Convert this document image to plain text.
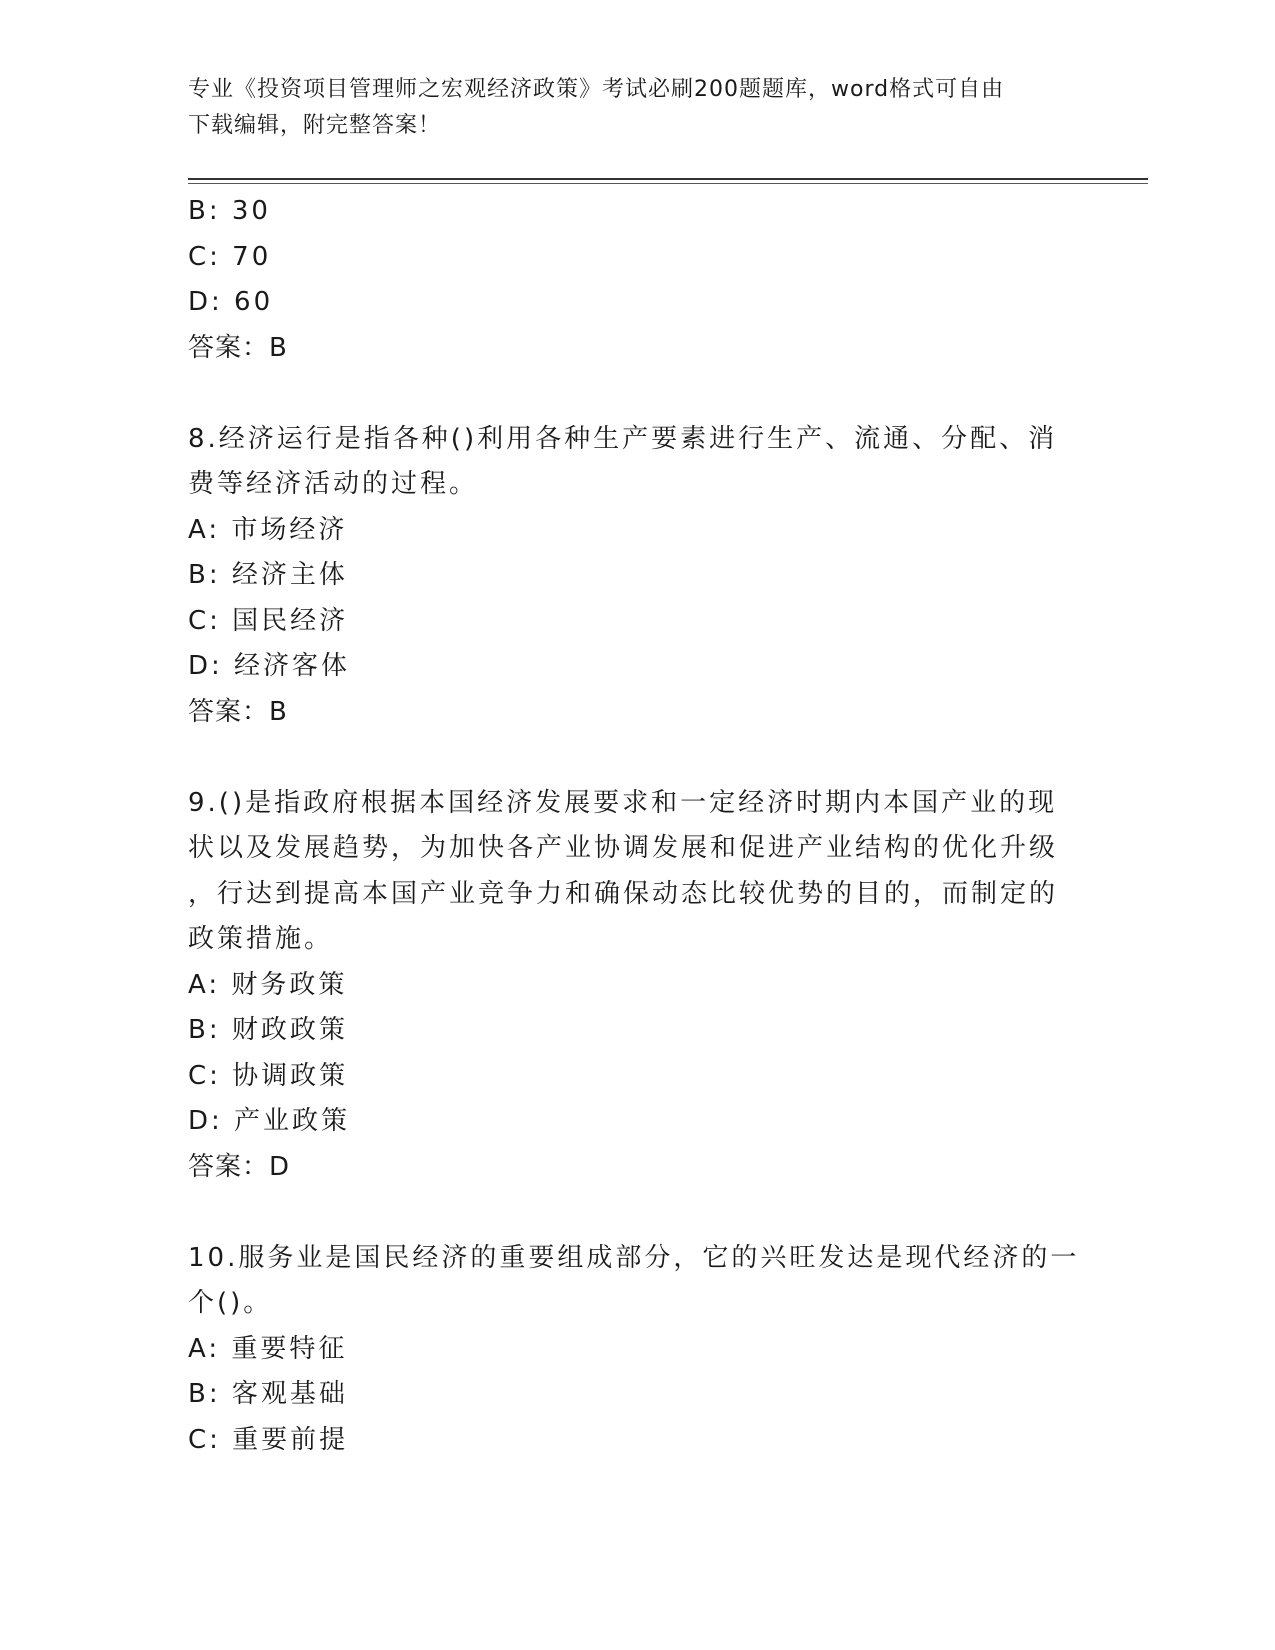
专业《投资项目管理师之宏观经济政策》考试必刷200题题库，word格式可自由
下载编辑，附完整答案！
B: 30
C: 70
D: 60
答案：B
8.经济运行是指各种()利用各种生产要素进行生产、流通、分配、消
费等经济活动的过程。
A: 市场经济
B: 经济主体
C: 国民经济
D: 经济客体
答案：B
9.()是指政府根据本国经济发展要求和一定经济时期内本国产业的现
状以及发展趋势，为加快各产业协调发展和促进产业结构的优化升级
，行达到提高本国产业竞争力和确保动态比较优势的目的，而制定的
政策措施。
A: 财务政策
B: 财政政策
C: 协调政策
D: 产业政策
答案：D
10.服务业是国民经济的重要组成部分，它的兴旺发达是现代经济的一
个()。
A: 重要特征
B: 客观基础
C: 重要前提
